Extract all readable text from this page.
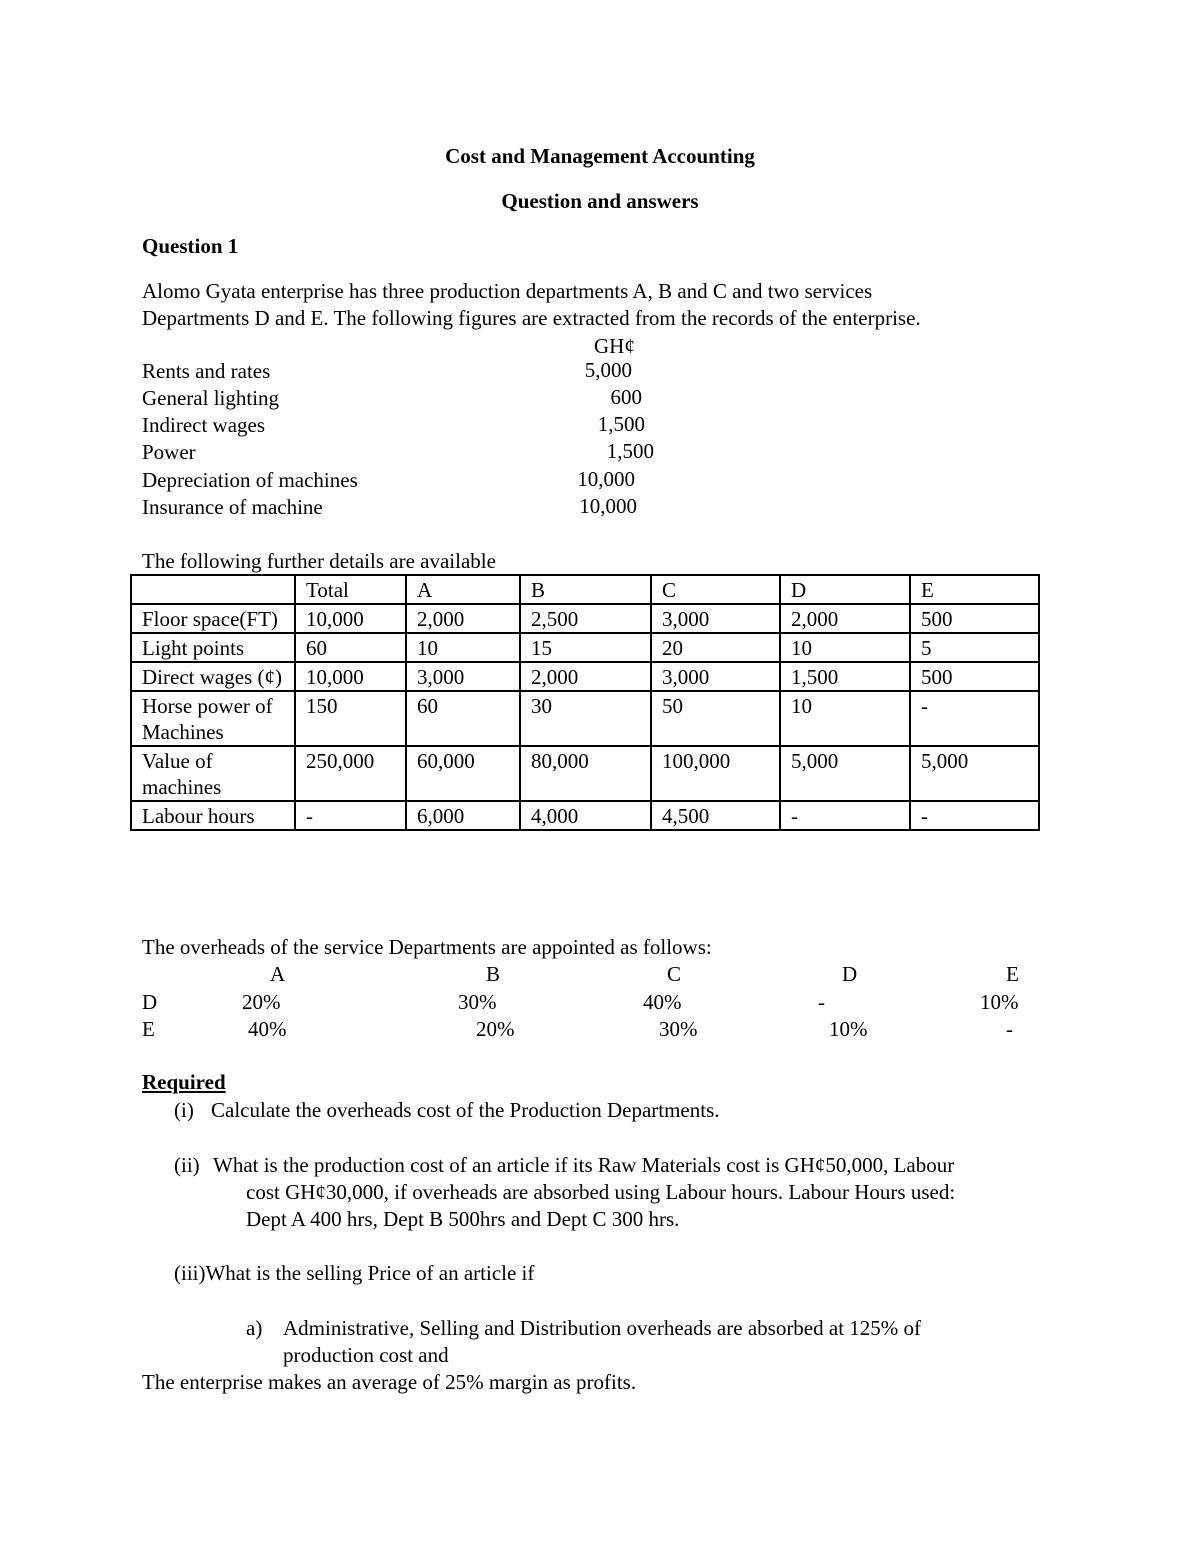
Cost and Management Accounting
Question and answers
Question 1
Alomo Gyata enterprise has three production departments A, B and C and two services
Departments D and E. The following figures are extracted from the records of the enterprise.
GH¢
Rents and rates	5,000
General lighting	600
Indirect wages	1,500
Power	1,500
Depreciation of machines	10,000
Insurance of machine	10,000
The following further details are available
	Total	A	B	C	D	E
Floor space(FT)	10,000	2,000	2,500	3,000	2,000	500
Light points	60	10	15	20	10	5
Direct wages (¢)	10,000	3,000	2,000	3,000	1,500	500
Horse power of Machines	150	60	30	50	10	-
Value of machines	250,000	60,000	80,000	100,000	5,000	5,000
Labour hours	-	6,000	4,000	4,500	-	-
The overheads of the service Departments are appointed as follows:
A	B	C	D	E
D	20%	30%	40%	-	10%
E	40%	20%	30%	10%	-
Required
(i) Calculate the overheads cost of the Production Departments.
(ii) What is the production cost of an article if its Raw Materials cost is GH¢50,000, Labour
cost GH¢30,000, if overheads are absorbed using Labour hours. Labour Hours used:
Dept A 400 hrs, Dept B 500hrs and Dept C 300 hrs.
(iii)What is the selling Price of an article if
a) Administrative, Selling and Distribution overheads are absorbed at 125% of
production cost and
The enterprise makes an average of 25% margin as profits.
